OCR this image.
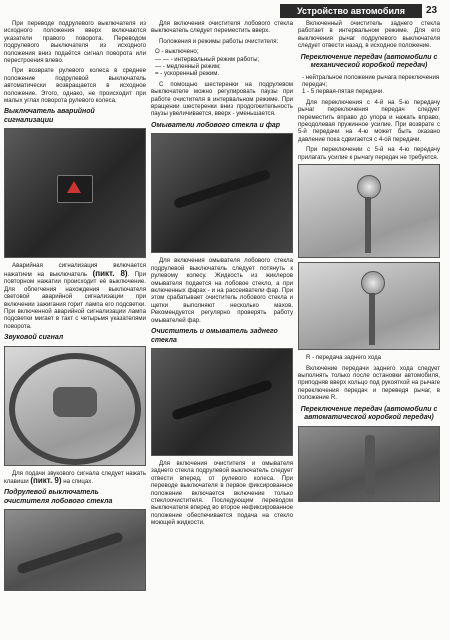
Устройство автомобиля	23

При переводе подрулевого выключателя из исходного положения вверх включаются указатели правого поворота. Переводом подрулевого выключателя из исходного положения вниз подаётся сигнал поворота или перестроения влево.

При возврате рулевого колеса в среднее положение подрулевой выключатель автоматически возвращается в исходное положение. Этого, однако, не происходит при малых углах поворота рулевого колеса.

Выключатель аварийной сигнализации

Аварийная сигнализация включается нажатием на выключатель (пикт. 8). При повторном нажатии происходит её выключение. Для облегчения нахождения выключателя световой аварийной сигнализации при включении зажигания горит лампа его подсветки. При включенной аварийной сигнализации лампа подсветки мигает в такт с четырьмя указателями поворота.

Звуковой сигнал

Для подачи звукового сигнала следует нажать клавиши (пикт. 9) на спицах.

Подрулевой выключатель очистителя лобового стекла

Для включения очистителя лобового стекла выключатель следует переместить вверх.

Положения и режимы работы очистителя:

O - выключено;
— — - интервальный режим работы;
— - медленный режим;
= - ускоренный режим.

С помощью шестеренки на подрулевом выключателе можно регулировать паузы при работе очистителя в интервальном режиме. При вращении шестеренки вниз продолжительность паузы увеличивается, вверх - уменьшается.

Омыватели лобового стекла и фар

Для включения омывателя лобового стекла подрулевой выключатель следует потянуть к рулевому колесу. Жидкость из жиклеров омывателя подается на лобовое стекло, а при включенных фарах - и на рассеиватели фар. При этом срабатывает очиститель лобового стекла и щетки выполняют несколько махов. Рекомендуется регулярно проверять работу омывателей фар.

Очиститель и омыватель заднего стекла

Для включения очистителя и омывателя заднего стекла подрулевой выключатель следует отвести вперед, от рулевого колеса. При переводе выключателя в первое фиксированное положение включается включение только стеклоочистителя. Последующим переводом выключателя вперед во второе нефиксированное положение обеспечивается подача на стекло моющей жидкости.

Включенный очиститель заднего стекла работает в интервальном режиме. Для его выключения рычаг подрулевого выключателя следует отвести назад, в исходное положение.

Переключение передач (автомобили с механической коробкой передач)
- нейтральное положение рычага переключения передач;
1 - 5 первая-пятая передачи.

Для переключения с 4-й на 5-ю передачу рычаг переключения передач следует переместить вправо до упора и нажать вправо, преодолевая пружинное усилие. При возврате с 5-й передачи на 4-ю может быть оказано давление пока сдвигается с 4-ой передачи.

При переключении с 5-й на 4-ю передачу прилагать усилие к рычагу передач не требуется.

R - передача заднего хода

Включение передачи заднего хода следует выполнять только после остановки автомобиля, приподняв вверх кольцо под рукояткой на рычаге переключения передач и переведя рычаг, в положение R.

Переключение передач (автомобили с автоматической коробкой передач)
